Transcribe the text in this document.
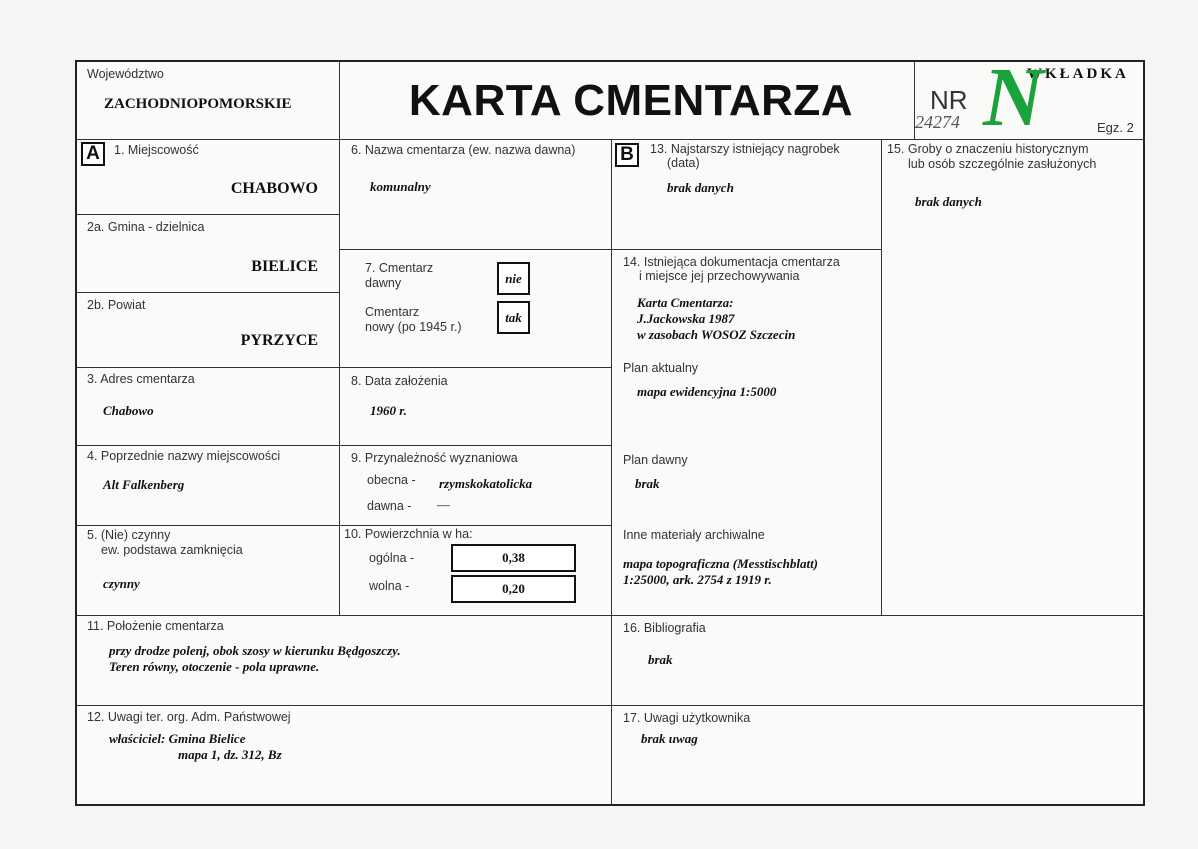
Województwo
ZACHODNIOPOMORSKIE	KARTA CMENTARZA
WKŁADKA
NR
24274 N	Egz. 2
A	1. Miejscowość
CHABOWO
2a. Gmina - dzielnica
BIELICE
2b. Powiat
PYRZYCE
3. Adres cmentarza
Chabowo
4. Poprzednie nazwy miejscowości
Alt Falkenberg
5. (Nie) czynny
ew. podstawa zamknięcia
czynny
6. Nazwa cmentarza (ew. nazwa dawna)
komunalny
7. Cmentarz
dawny	nie
Cmentarz
nowy (po 1945 r.)
tak
8. Data założenia
1960 r.
9. Przynależność wyznaniowa
obecna - rzymskokatolicka
dawna - —
10. Powierzchnia w ha:
ogólna -	0,38
wolna -	0,20
B	13. Najstarszy istniejący nagrobek
(data)
brak danych
14. Istniejąca dokumentacja cmentarza
i miejsce jej przechowywania
Karta Cmentarza:
J.Jackowska 1987
w zasobach WOSOZ Szczecin
Plan aktualny
mapa ewidencyjna 1:5000
Plan dawny
brak
Inne materiały archiwalne
mapa topograficzna (Messtischblatt)
1:25000, ark. 2754 z 1919 r.
15. Groby o znaczeniu historycznym
lub osób szczególnie zasłużonych
brak danych
11. Położenie cmentarza
przy drodze polenj, obok szosy w kierunku Będgoszczy.
Teren równy, otoczenie - pola uprawne.
16. Bibliografia
brak
12. Uwagi ter. org. Adm. Państwowej
właściciel: Gmina Bielice
mapa 1, dz. 312, Bz
17. Uwagi użytkownika
brak uwag
